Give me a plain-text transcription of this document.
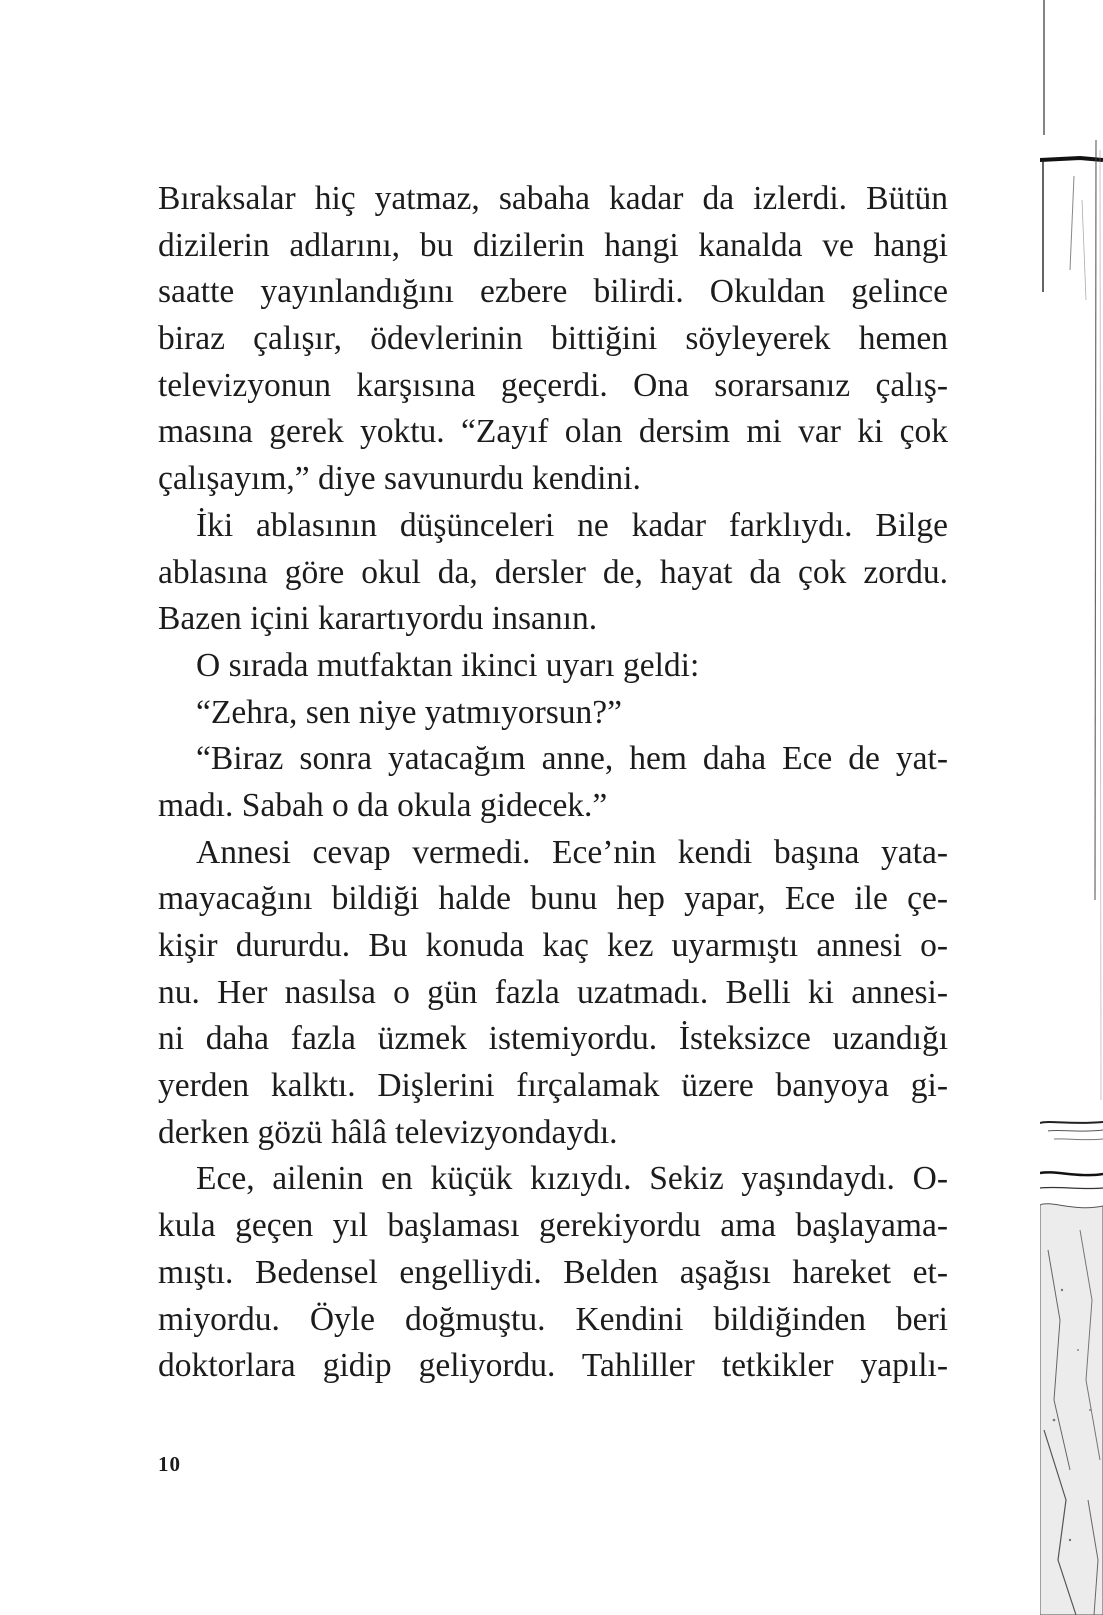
Bıraksalar hiç yatmaz, sabaha kadar da izlerdi. Bütün
dizilerin adlarını, bu dizilerin hangi kanalda ve hangi
saatte yayınlandığını ezbere bilirdi. Okuldan gelince
biraz çalışır, ödevlerinin bittiğini söyleyerek hemen
televizyonun karşısına geçerdi. Ona sorarsanız çalış-
masına gerek yoktu. “Zayıf olan dersim mi var ki çok
çalışayım,” diye savunurdu kendini.
İki ablasının düşünceleri ne kadar farklıydı. Bilge
ablasına göre okul da, dersler de, hayat da çok zordu.
Bazen içini karartıyordu insanın.
O sırada mutfaktan ikinci uyarı geldi:
“Zehra, sen niye yatmıyorsun?”
“Biraz sonra yatacağım anne, hem daha Ece de yat-
madı. Sabah o da okula gidecek.”
Annesi cevap vermedi. Ece’nin kendi başına yata-
mayacağını bildiği halde bunu hep yapar, Ece ile çe-
kişir dururdu. Bu konuda kaç kez uyarmıştı annesi o-
nu. Her nasılsa o gün fazla uzatmadı. Belli ki annesi-
ni daha fazla üzmek istemiyordu. İsteksizce uzandığı
yerden kalktı. Dişlerini fırçalamak üzere banyoya gi-
derken gözü hâlâ televizyondaydı.
Ece, ailenin en küçük kızıydı. Sekiz yaşındaydı. O-
kula geçen yıl başlaması gerekiyordu ama başlayama-
mıştı. Bedensel engelliydi. Belden aşağısı hareket et-
miyordu. Öyle doğmuştu. Kendini bildiğinden beri
doktorlara gidip geliyordu. Tahliller tetkikler yapılı-
10
